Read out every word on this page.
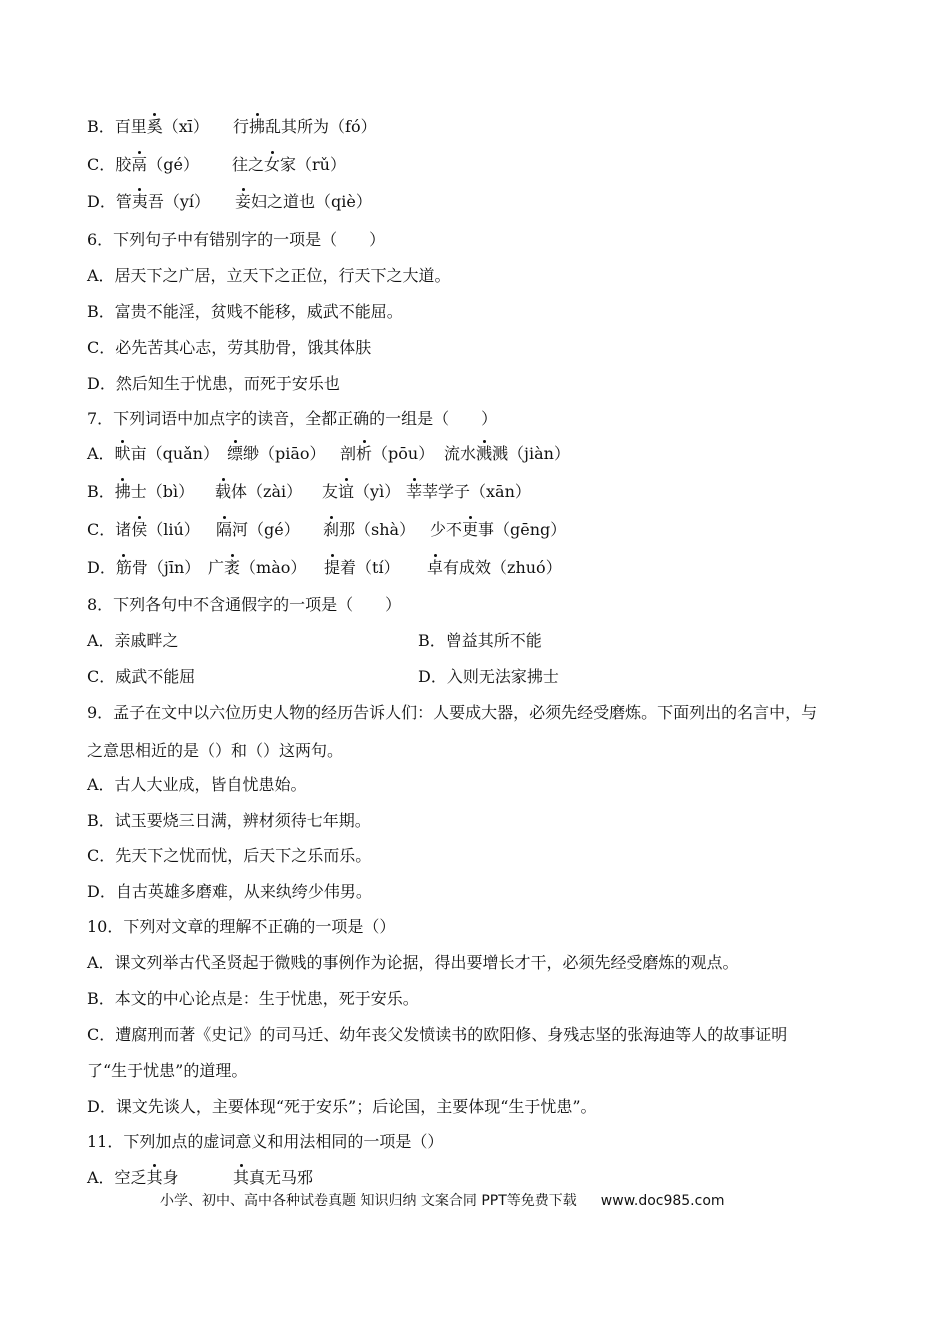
B．百里奚（xī） 行拂乱其所为（fó）
C．胶鬲（gé） 往之女家（rǔ）
D．管夷吾（yí） 妾妇之道也（qiè）
6．下列句子中有错别字的一项是（　　）
A．居天下之广居，立天下之正位，行天下之大道。
B．富贵不能淫，贫贱不能移，威武不能屈。
C．必先苦其心志，劳其肋骨，饿其体肤
D．然后知生于忧患，而死于安乐也
7．下列词语中加点字的读音，全都正确的一组是（　　）
A．畎亩（quǎn） 缥缈（piāo） 剖析（pōu） 流水溅溅（jiàn）
B．拂士（bì） 载体（zài） 友谊（yì） 莘莘学子（xān）
C．诸侯（liú） 隔河（gé） 刹那（shà） 少不更事（gēng）
D．筋骨（jīn） 广袤（mào） 提着（tí） 卓有成效（zhuó）
8．下列各句中不含通假字的一项是（　　）
A．亲戚畔之	B．曾益其所不能
C．威武不能屈	D．入则无法家拂士
9．孟子在文中以六位历史人物的经历告诉人们：人要成大器，必须先经受磨炼。下面列出的名言中，与
之意思相近的是（）和（）这两句。
A．古人大业成，皆自忧患始。
B．试玉要烧三日满，辨材须待七年期。
C．先天下之忧而忧，后天下之乐而乐。
D．自古英雄多磨难，从来纨绔少伟男。
10．下列对文章的理解不正确的一项是（）
A．课文列举古代圣贤起于微贱的事例作为论据，得出要增长才干，必须先经受磨炼的观点。
B．本文的中心论点是：生于忧患，死于安乐。
C．遭腐刑而著《史记》的司马迁、幼年丧父发愤读书的欧阳修、身残志坚的张海迪等人的故事证明
了“生于忧患”的道理。
D．课文先谈人，主要体现“死于安乐”；后论国，主要体现“生于忧患”。
11．下列加点的虚词意义和用法相同的一项是（）
A．空乏其身	其真无马邪
小学、初中、高中各种试卷真题 知识归纳 文案合同 PPT等免费下载 www.doc985.com
